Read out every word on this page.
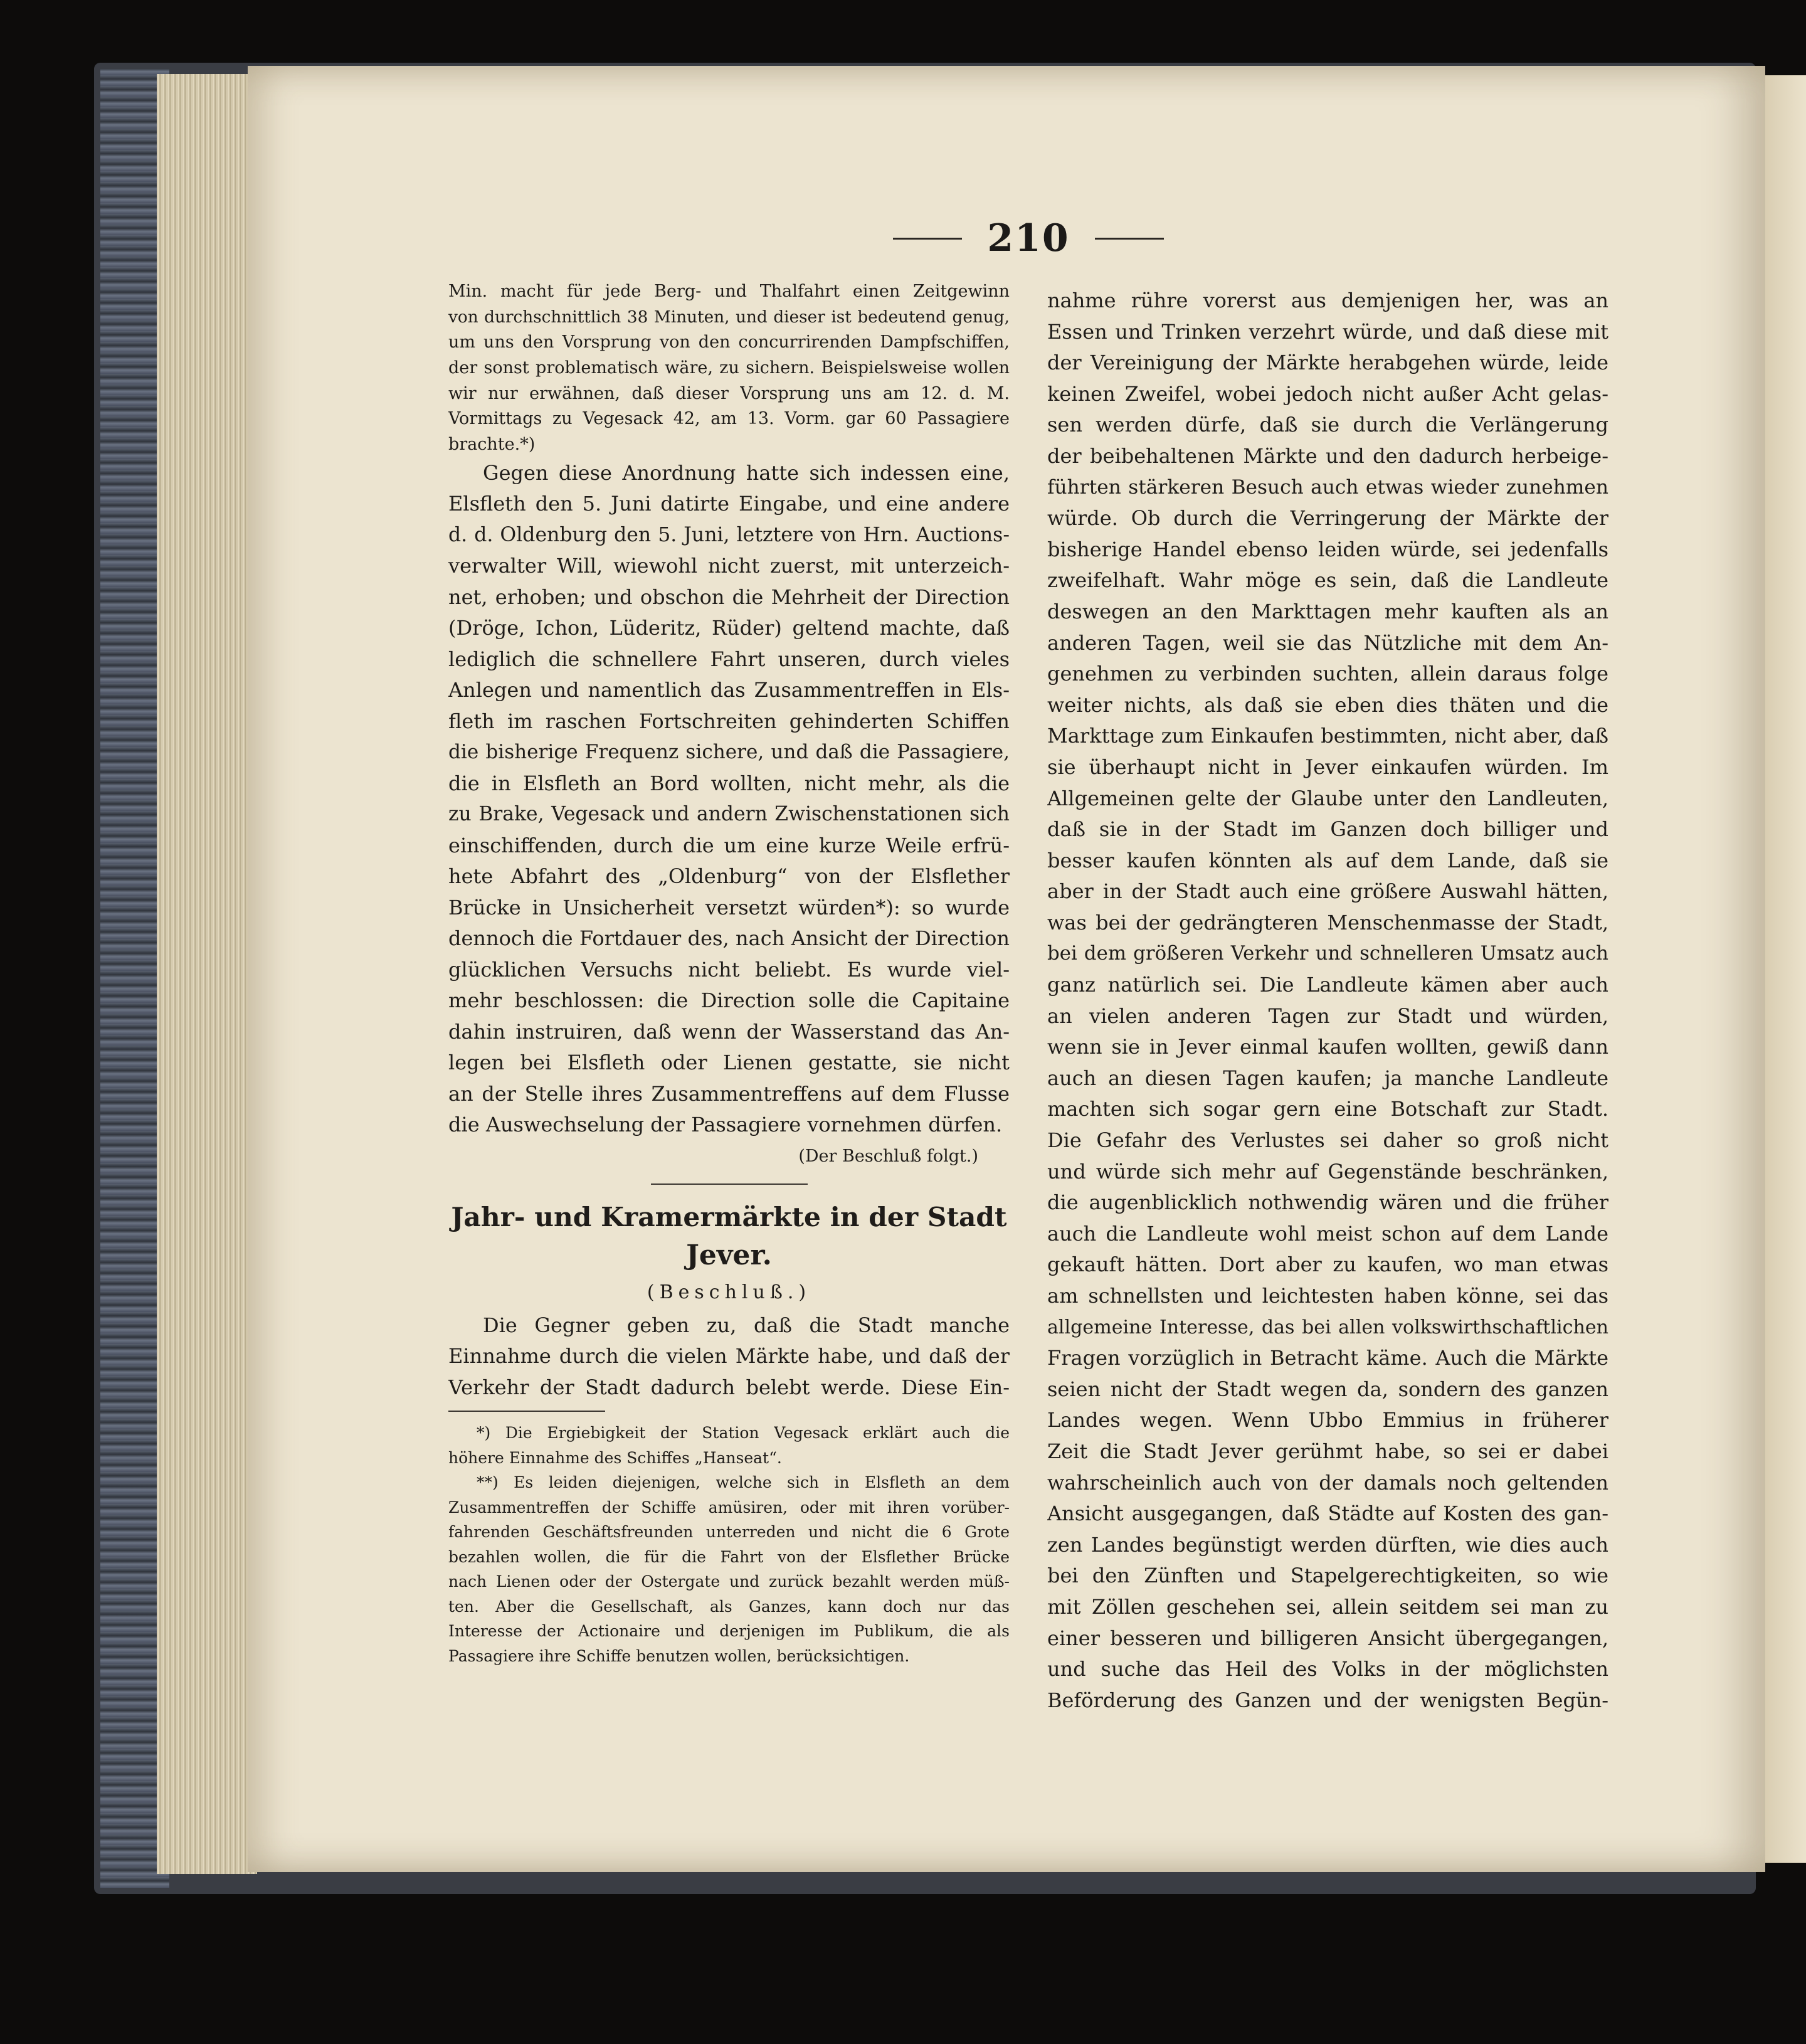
210
Min. macht für jede Berg- und Thalfahrt einen Zeitgewinn
von durchschnittlich 38 Minuten, und dieser ist bedeutend genug,
um uns den Vorsprung von den concurrirenden Dampfschiffen,
der sonst problematisch wäre, zu sichern. Beispielsweise wollen
wir nur erwähnen, daß dieser Vorsprung uns am 12. d. M.
Vormittags zu Vegesack 42, am 13. Vorm. gar 60 Passagiere
brachte.*)
Gegen diese Anordnung hatte sich indessen eine,
Elsfleth den 5. Juni datirte Eingabe, und eine andere
d. d. Oldenburg den 5. Juni, letztere von Hrn. Auctions-
verwalter Will, wiewohl nicht zuerst, mit unterzeich-
net, erhoben; und obschon die Mehrheit der Direction
(Dröge, Ichon, Lüderitz, Rüder) geltend machte, daß
lediglich die schnellere Fahrt unseren, durch vieles
Anlegen und namentlich das Zusammentreffen in Els-
fleth im raschen Fortschreiten gehinderten Schiffen
die bisherige Frequenz sichere, und daß die Passagiere,
die in Elsfleth an Bord wollten, nicht mehr, als die
zu Brake, Vegesack und andern Zwischenstationen sich
einschiffenden, durch die um eine kurze Weile erfrü-
hete Abfahrt des „Oldenburg“ von der Elsflether
Brücke in Unsicherheit versetzt würden*): so wurde
dennoch die Fortdauer des, nach Ansicht der Direction
glücklichen Versuchs nicht beliebt. Es wurde viel-
mehr beschlossen: die Direction solle die Capitaine
dahin instruiren, daß wenn der Wasserstand das An-
legen bei Elsfleth oder Lienen gestatte, sie nicht
an der Stelle ihres Zusammentreffens auf dem Flusse
die Auswechselung der Passagiere vornehmen dürfen.
(Der Beschluß folgt.)
Jahr- und Kramermärkte in der Stadt
Jever.
(Beschluß.)
Die Gegner geben zu, daß die Stadt manche
Einnahme durch die vielen Märkte habe, und daß der
Verkehr der Stadt dadurch belebt werde. Diese Ein-
*) Die Ergiebigkeit der Station Vegesack erklärt auch die
höhere Einnahme des Schiffes „Hanseat“.
**) Es leiden diejenigen, welche sich in Elsfleth an dem
Zusammentreffen der Schiffe amüsiren, oder mit ihren vorüber-
fahrenden Geschäftsfreunden unterreden und nicht die 6 Grote
bezahlen wollen, die für die Fahrt von der Elsflether Brücke
nach Lienen oder der Ostergate und zurück bezahlt werden müß-
ten. Aber die Gesellschaft, als Ganzes, kann doch nur das
Interesse der Actionaire und derjenigen im Publikum, die als
Passagiere ihre Schiffe benutzen wollen, berücksichtigen.
nahme rühre vorerst aus demjenigen her, was an
Essen und Trinken verzehrt würde, und daß diese mit
der Vereinigung der Märkte herabgehen würde, leide
keinen Zweifel, wobei jedoch nicht außer Acht gelas-
sen werden dürfe, daß sie durch die Verlängerung
der beibehaltenen Märkte und den dadurch herbeige-
führten stärkeren Besuch auch etwas wieder zunehmen
würde. Ob durch die Verringerung der Märkte der
bisherige Handel ebenso leiden würde, sei jedenfalls
zweifelhaft. Wahr möge es sein, daß die Landleute
deswegen an den Markttagen mehr kauften als an
anderen Tagen, weil sie das Nützliche mit dem An-
genehmen zu verbinden suchten, allein daraus folge
weiter nichts, als daß sie eben dies thäten und die
Markttage zum Einkaufen bestimmten, nicht aber, daß
sie überhaupt nicht in Jever einkaufen würden. Im
Allgemeinen gelte der Glaube unter den Landleuten,
daß sie in der Stadt im Ganzen doch billiger und
besser kaufen könnten als auf dem Lande, daß sie
aber in der Stadt auch eine größere Auswahl hätten,
was bei der gedrängteren Menschenmasse der Stadt,
bei dem größeren Verkehr und schnelleren Umsatz auch
ganz natürlich sei. Die Landleute kämen aber auch
an vielen anderen Tagen zur Stadt und würden,
wenn sie in Jever einmal kaufen wollten, gewiß dann
auch an diesen Tagen kaufen; ja manche Landleute
machten sich sogar gern eine Botschaft zur Stadt.
Die Gefahr des Verlustes sei daher so groß nicht
und würde sich mehr auf Gegenstände beschränken,
die augenblicklich nothwendig wären und die früher
auch die Landleute wohl meist schon auf dem Lande
gekauft hätten. Dort aber zu kaufen, wo man etwas
am schnellsten und leichtesten haben könne, sei das
allgemeine Interesse, das bei allen volkswirthschaftlichen
Fragen vorzüglich in Betracht käme. Auch die Märkte
seien nicht der Stadt wegen da, sondern des ganzen
Landes wegen. Wenn Ubbo Emmius in früherer
Zeit die Stadt Jever gerühmt habe, so sei er dabei
wahrscheinlich auch von der damals noch geltenden
Ansicht ausgegangen, daß Städte auf Kosten des gan-
zen Landes begünstigt werden dürften, wie dies auch
bei den Zünften und Stapelgerechtigkeiten, so wie
mit Zöllen geschehen sei, allein seitdem sei man zu
einer besseren und billigeren Ansicht übergegangen,
und suche das Heil des Volks in der möglichsten
Beförderung des Ganzen und der wenigsten Begün-
